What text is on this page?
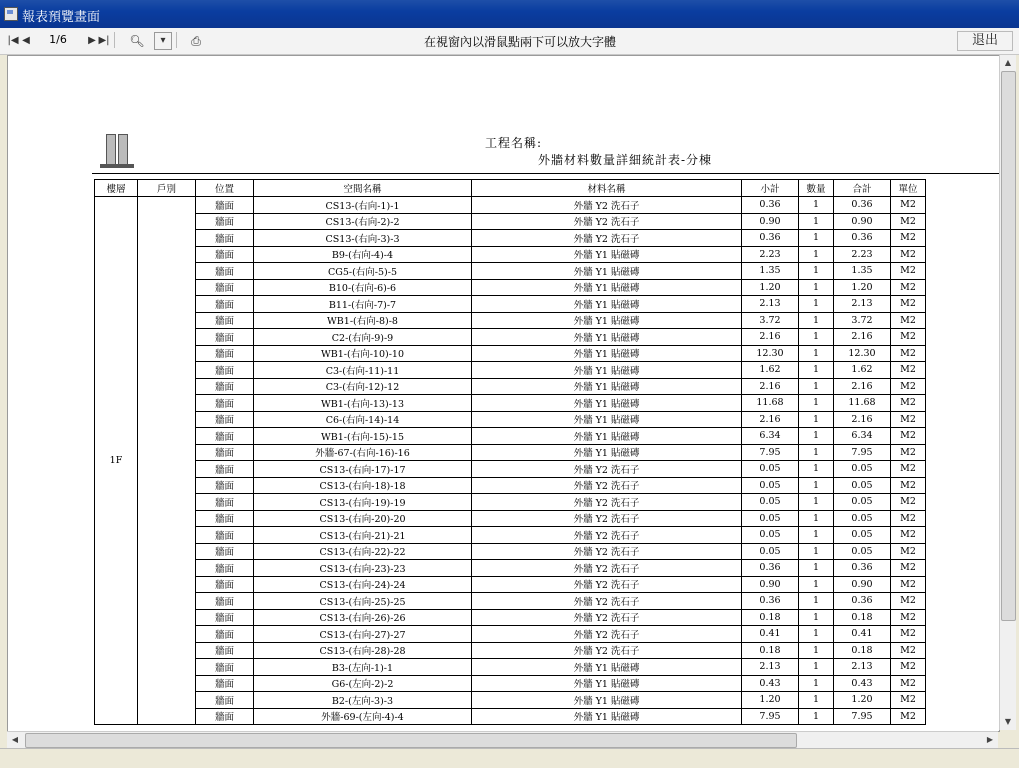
報表預覽畫面
|◀ ◀	1/6	▶ ▶| 🔍︎	▾	⎙	在視窗內以滑鼠點兩下可以放大字體	退出
工程名稱:
外牆材料數量詳細統計表-分棟
樓層	戶別	位置	空間名稱	材料名稱	小計	數量	合計	單位
1F		牆面	CS13-(右向-1)-1	外牆 Y2 洗石子	0.36	1	0.36	M2
		牆面	CS13-(右向-2)-2	外牆 Y2 洗石子	0.90	1	0.90	M2
		牆面	CS13-(右向-3)-3	外牆 Y2 洗石子	0.36	1	0.36	M2
		牆面	B9-(右向-4)-4	外牆 Y1 貼磁磚	2.23	1	2.23	M2
		牆面	CG5-(右向-5)-5	外牆 Y1 貼磁磚	1.35	1	1.35	M2
		牆面	B10-(右向-6)-6	外牆 Y1 貼磁磚	1.20	1	1.20	M2
		牆面	B11-(右向-7)-7	外牆 Y1 貼磁磚	2.13	1	2.13	M2
		牆面	WB1-(右向-8)-8	外牆 Y1 貼磁磚	3.72	1	3.72	M2
		牆面	C2-(右向-9)-9	外牆 Y1 貼磁磚	2.16	1	2.16	M2
		牆面	WB1-(右向-10)-10	外牆 Y1 貼磁磚	12.30	1	12.30	M2
		牆面	C3-(右向-11)-11	外牆 Y1 貼磁磚	1.62	1	1.62	M2
		牆面	C3-(右向-12)-12	外牆 Y1 貼磁磚	2.16	1	2.16	M2
		牆面	WB1-(右向-13)-13	外牆 Y1 貼磁磚	11.68	1	11.68	M2
		牆面	C6-(右向-14)-14	外牆 Y1 貼磁磚	2.16	1	2.16	M2
		牆面	WB1-(右向-15)-15	外牆 Y1 貼磁磚	6.34	1	6.34	M2
		牆面	外牆-67-(右向-16)-16	外牆 Y1 貼磁磚	7.95	1	7.95	M2
		牆面	CS13-(右向-17)-17	外牆 Y2 洗石子	0.05	1	0.05	M2
		牆面	CS13-(右向-18)-18	外牆 Y2 洗石子	0.05	1	0.05	M2
		牆面	CS13-(右向-19)-19	外牆 Y2 洗石子	0.05	1	0.05	M2
		牆面	CS13-(右向-20)-20	外牆 Y2 洗石子	0.05	1	0.05	M2
		牆面	CS13-(右向-21)-21	外牆 Y2 洗石子	0.05	1	0.05	M2
		牆面	CS13-(右向-22)-22	外牆 Y2 洗石子	0.05	1	0.05	M2
		牆面	CS13-(右向-23)-23	外牆 Y2 洗石子	0.36	1	0.36	M2
		牆面	CS13-(右向-24)-24	外牆 Y2 洗石子	0.90	1	0.90	M2
		牆面	CS13-(右向-25)-25	外牆 Y2 洗石子	0.36	1	0.36	M2
		牆面	CS13-(右向-26)-26	外牆 Y2 洗石子	0.18	1	0.18	M2
		牆面	CS13-(右向-27)-27	外牆 Y2 洗石子	0.41	1	0.41	M2
		牆面	CS13-(右向-28)-28	外牆 Y2 洗石子	0.18	1	0.18	M2
		牆面	B3-(左向-1)-1	外牆 Y1 貼磁磚	2.13	1	2.13	M2
		牆面	G6-(左向-2)-2	外牆 Y1 貼磁磚	0.43	1	0.43	M2
		牆面	B2-(左向-3)-3	外牆 Y1 貼磁磚	1.20	1	1.20	M2
		牆面	外牆-69-(左向-4)-4	外牆 Y1 貼磁磚	7.95	1	7.95	M2
▲
▼
◀	▶
